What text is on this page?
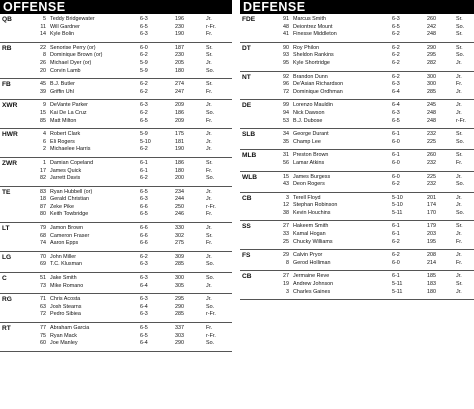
OFFENSE
QB	5 Teddy Bridgewater	6-3	196	Jr.
11 Will Gardner	6-5	230	r-Fr.
14 Kyle Bolin	6-3	190	Fr.
RB	22 Senorise Perry (or)	6-0	187	Sr.
8 Dominique Brown (or)	6-2	230	Sr.
26 Michael Dyer (or)	5-9	205	Jr.
20 Corvin Lamb	5-9	180	So.
FB	45 B.J. Butler	6-2	274	Sr.
39 Griffin Uhl	6-2	247	Fr.
XWR	9 DeVante Parker	6-3	209	Jr.
15 Kai De La Cruz	6-2	186	So.
85 Matt Milton	6-5	209	Fr.
HWR	4 Robert Clark	5-9	175	Jr.
6 Eli Rogers	5-10	181	Jr.
2 Michaelee Harris	6-2	190	Jr.
ZWR	1 Damian Copeland	6-1	186	Sr.
17 James Quick	6-1	180	Fr.
82 Jarrett Davis	6-2	200	So.
TE	83 Ryan Hubbell (or)	6-5	234	Jr.
18 Gerald Christian	6-3	244	Jr.
87 Zeke Pike	6-6	250	r-Fr.
80 Keith Towbridge	6-5	246	Fr.
LT	79 Jamon Brown	6-6	330	Jr.
68 Cameron Fraser	6-6	302	Sr.
74 Aaron Epps	6-6	275	Fr.
LG	70 John Miller	6-2	309	Jr.
69 T.C. Klusman	6-3	285	So.
C	51 Jake Smith	6-3	300	So.
73 Mike Romano	6-4	305	Jr.
RG	71 Chris Acosta	6-3	295	Jr.
63 Josh Stearns	6-4	290	So.
72 Pedro Sibiea	6-3	285	r-Fr.
RT	77 Abraham Garcia	6-5	337	Fr.
75 Ryan Mack	6-5	303	r-Fr.
60 Joe Manley	6-4	290	So.
DEFENSE
FDE	91 Marcus Smith	6-3	260	Sr.
48 Deiontrez Mount	6-5	242	So.
41 Finesse Middleton	6-2	248	Sr.
DT	90 Roy Philon	6-2	290	Sr.
93 Sheldon Rankins	6-2	295	So.
95 Kyle Shortridge	6-2	282	Jr.
NT	92 Brandon Dunn	6-2	300	Jr.
96 De'Asian Richardson	6-3	300	Fr.
72 Dominique Ordhman	6-4	285	Jr.
DE	99 Lorenzo Mauldin	6-4	245	Jr.
94 Nick Dawson	6-3	248	Jr.
53 B.J. Dubose	6-5	248	r-Fr.
SLB	34 George Durant	6-1	232	Sr.
35 Champ Lee	6-0	225	So.
MLB	31 Preston Brown	6-1	260	Sr.
56 Lamar Atkins	6-0	232	Fr.
WLB	15 James Burgess	6-0	225	Jr.
43 Deon Rogers	6-2	232	So.
CB	3 Terell Floyd	5-10	201	Jr.
12 Stephan Robinson	5-10	174	Jr.
38 Kevin Houchins	5-11	170	So.
SS	27 Hakeem Smith	6-1	179	Sr.
33 Kamal Hogan	6-1	203	Jr.
25 Chucky Williams	6-2	195	Fr.
FS	29 Calvin Pryor	6-2	208	Jr.
8 Gerod Holliman	6-0	214	Fr.
CB	27 Jermaine Reve	6-1	185	Jr.
19 Andrew Johnson	5-11	183	Sr.
3 Charles Gaines	5-11	180	Jr.
